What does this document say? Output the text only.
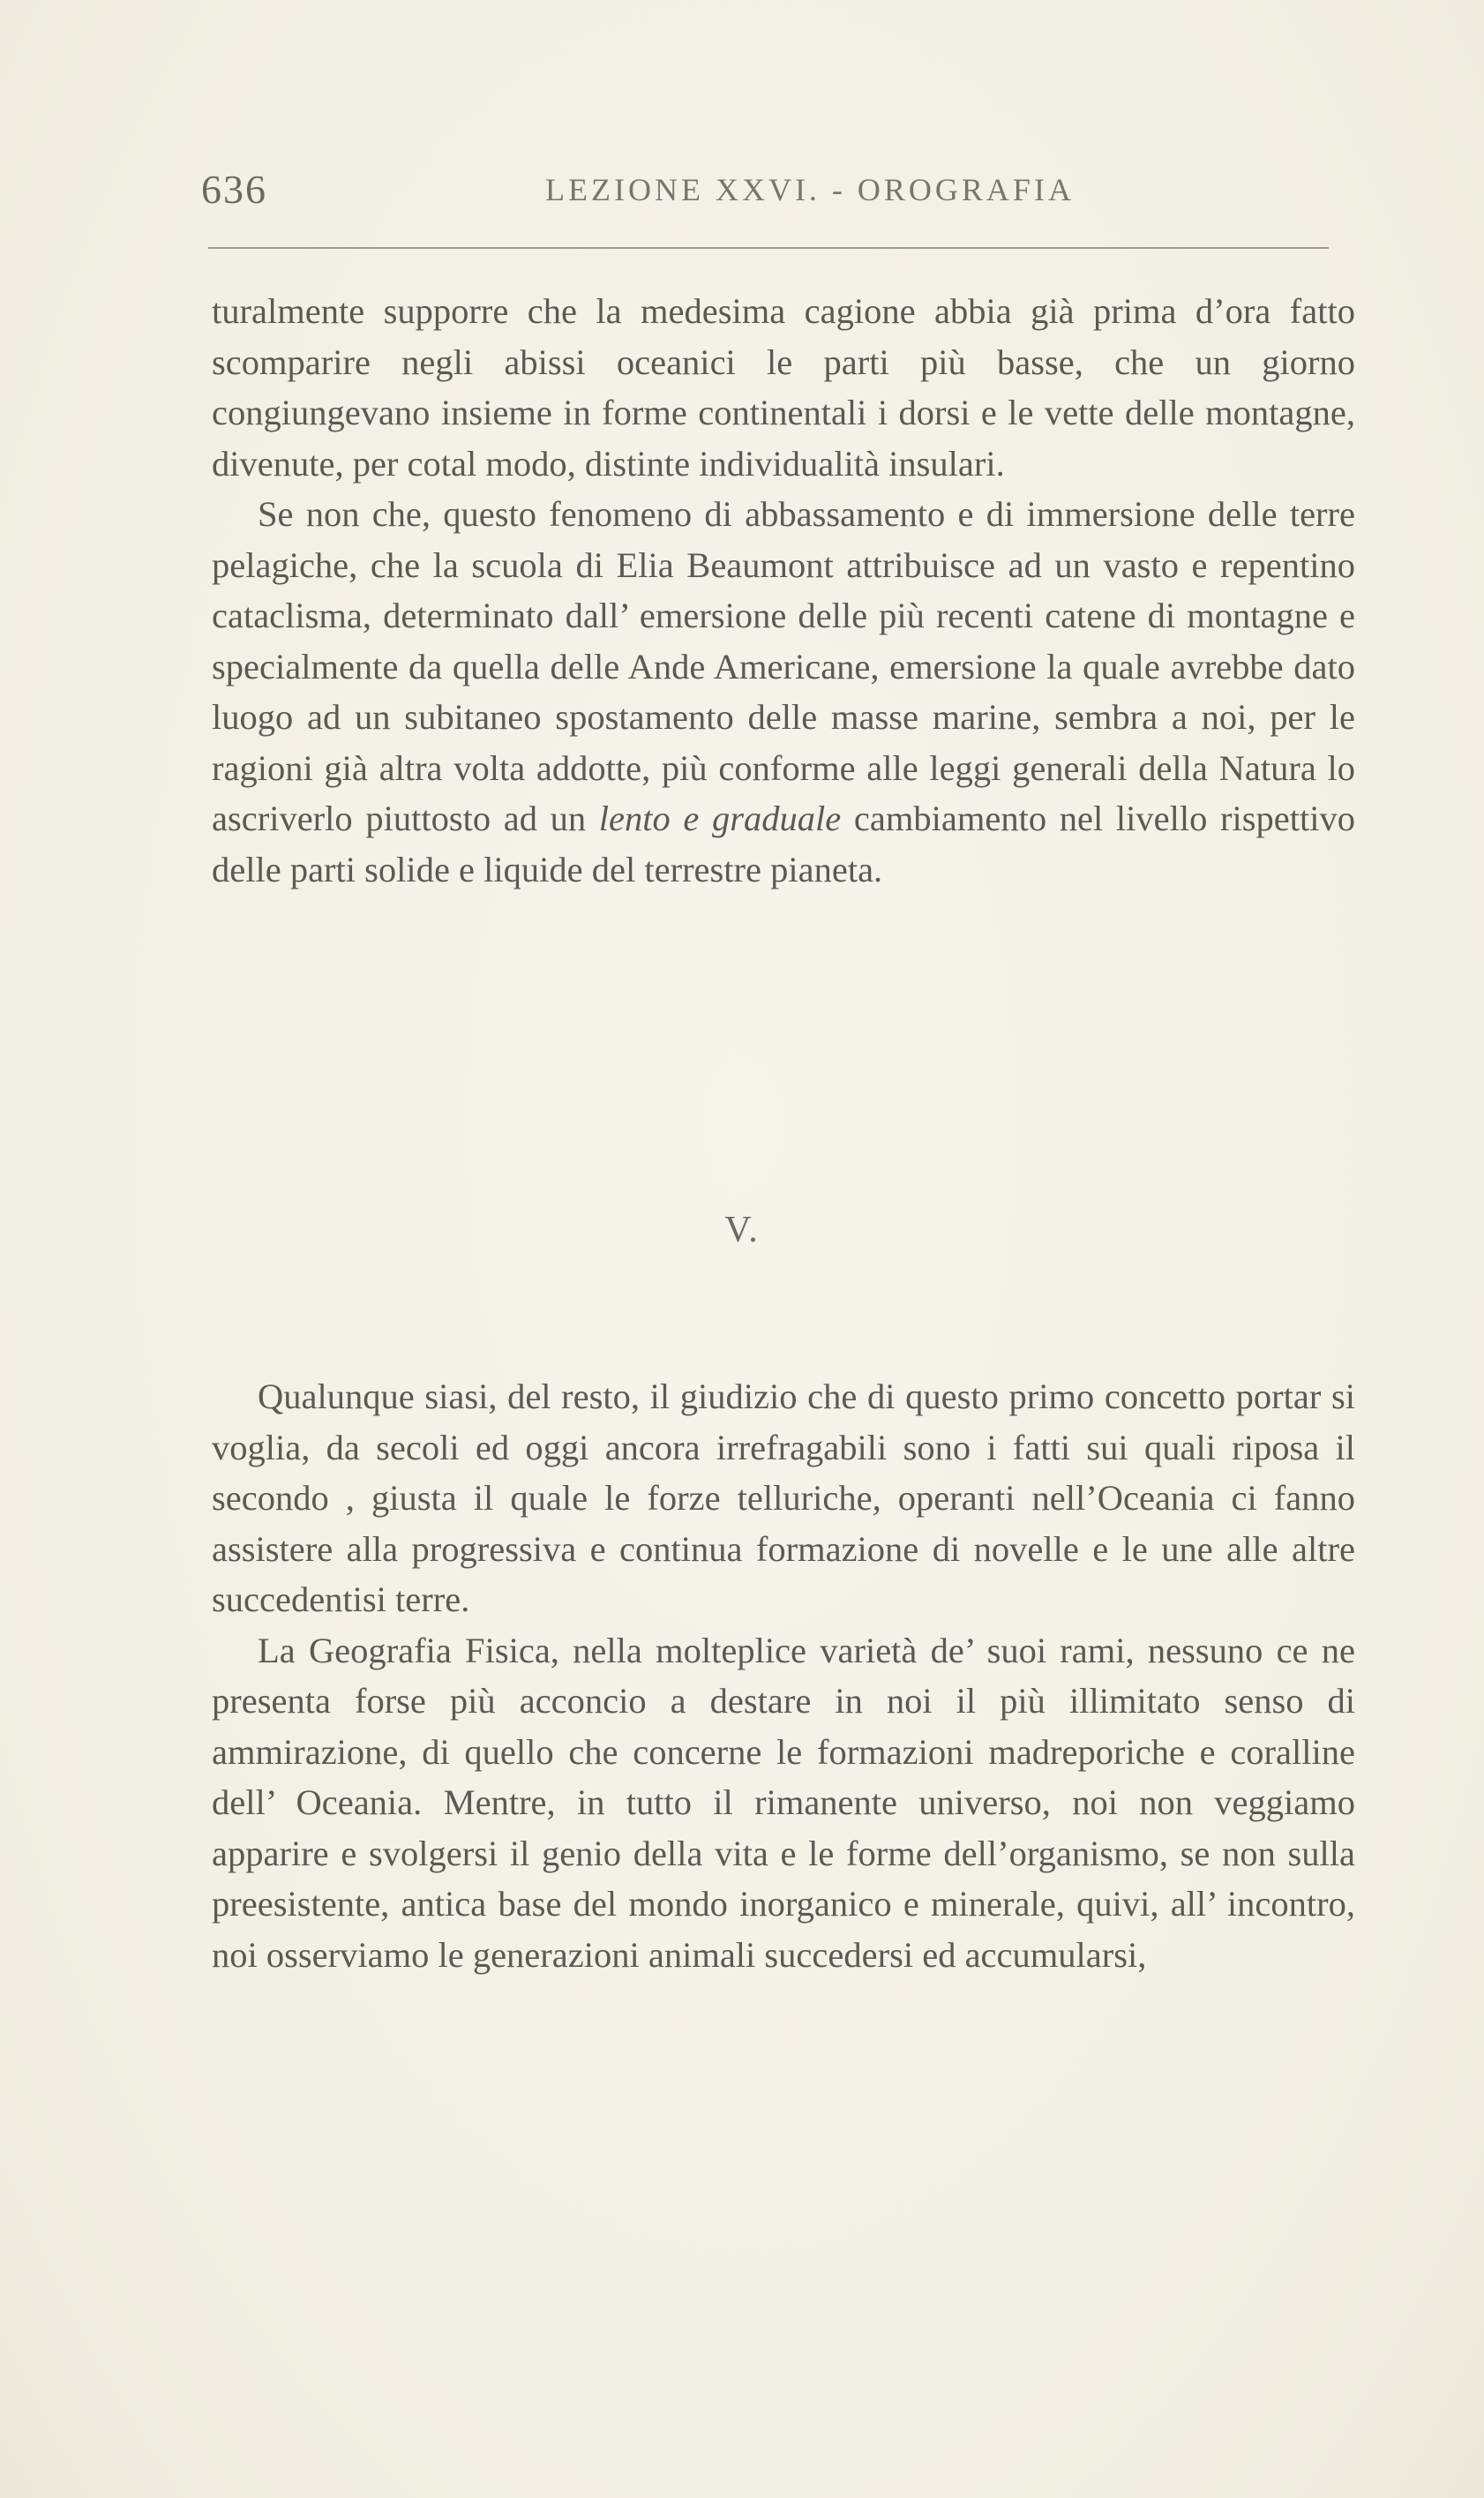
636	LEZIONE XXVI. - OROGRAFIA

turalmente supporre che la medesima cagione abbia già prima d’ora fatto scomparire negli abissi oceanici le parti più basse, che un giorno congiungevano insieme in forme continentali i dorsi e le vette delle montagne, divenute, per cotal modo, distinte individualità insulari.

Se non che, questo fenomeno di abbassamento e di immersione delle terre pelagiche, che la scuola di Elia Beaumont attribuisce ad un vasto e repentino cataclisma, determinato dall’ emersione delle più recenti catene di montagne e specialmente da quella delle Ande Americane, emersione la quale avrebbe dato luogo ad un subitaneo spostamento delle masse marine, sembra a noi, per le ragioni già altra volta addotte, più conforme alle leggi generali della Natura lo ascriverlo piuttosto ad un lento e graduale cambiamento nel livello rispettivo delle parti solide e liquide del terrestre pianeta.

V.

Qualunque siasi, del resto, il giudizio che di questo primo concetto portar si voglia, da secoli ed oggi ancora irrefragabili sono i fatti sui quali riposa il secondo , giusta il quale le forze telluriche, operanti nell’Oceania ci fanno assistere alla progressiva e continua formazione di novelle e le une alle altre succedentisi terre.

La Geografia Fisica, nella molteplice varietà de’ suoi rami, nessuno ce ne presenta forse più acconcio a destare in noi il più illimitato senso di ammirazione, di quello che concerne le formazioni madreporiche e coralline dell’ Oceania. Mentre, in tutto il rimanente universo, noi non veggiamo apparire e svolgersi il genio della vita e le forme dell’organismo, se non sulla preesistente, antica base del mondo inorganico e minerale, quivi, all’ incontro, noi osserviamo le generazioni animali succedersi ed accumularsi,
